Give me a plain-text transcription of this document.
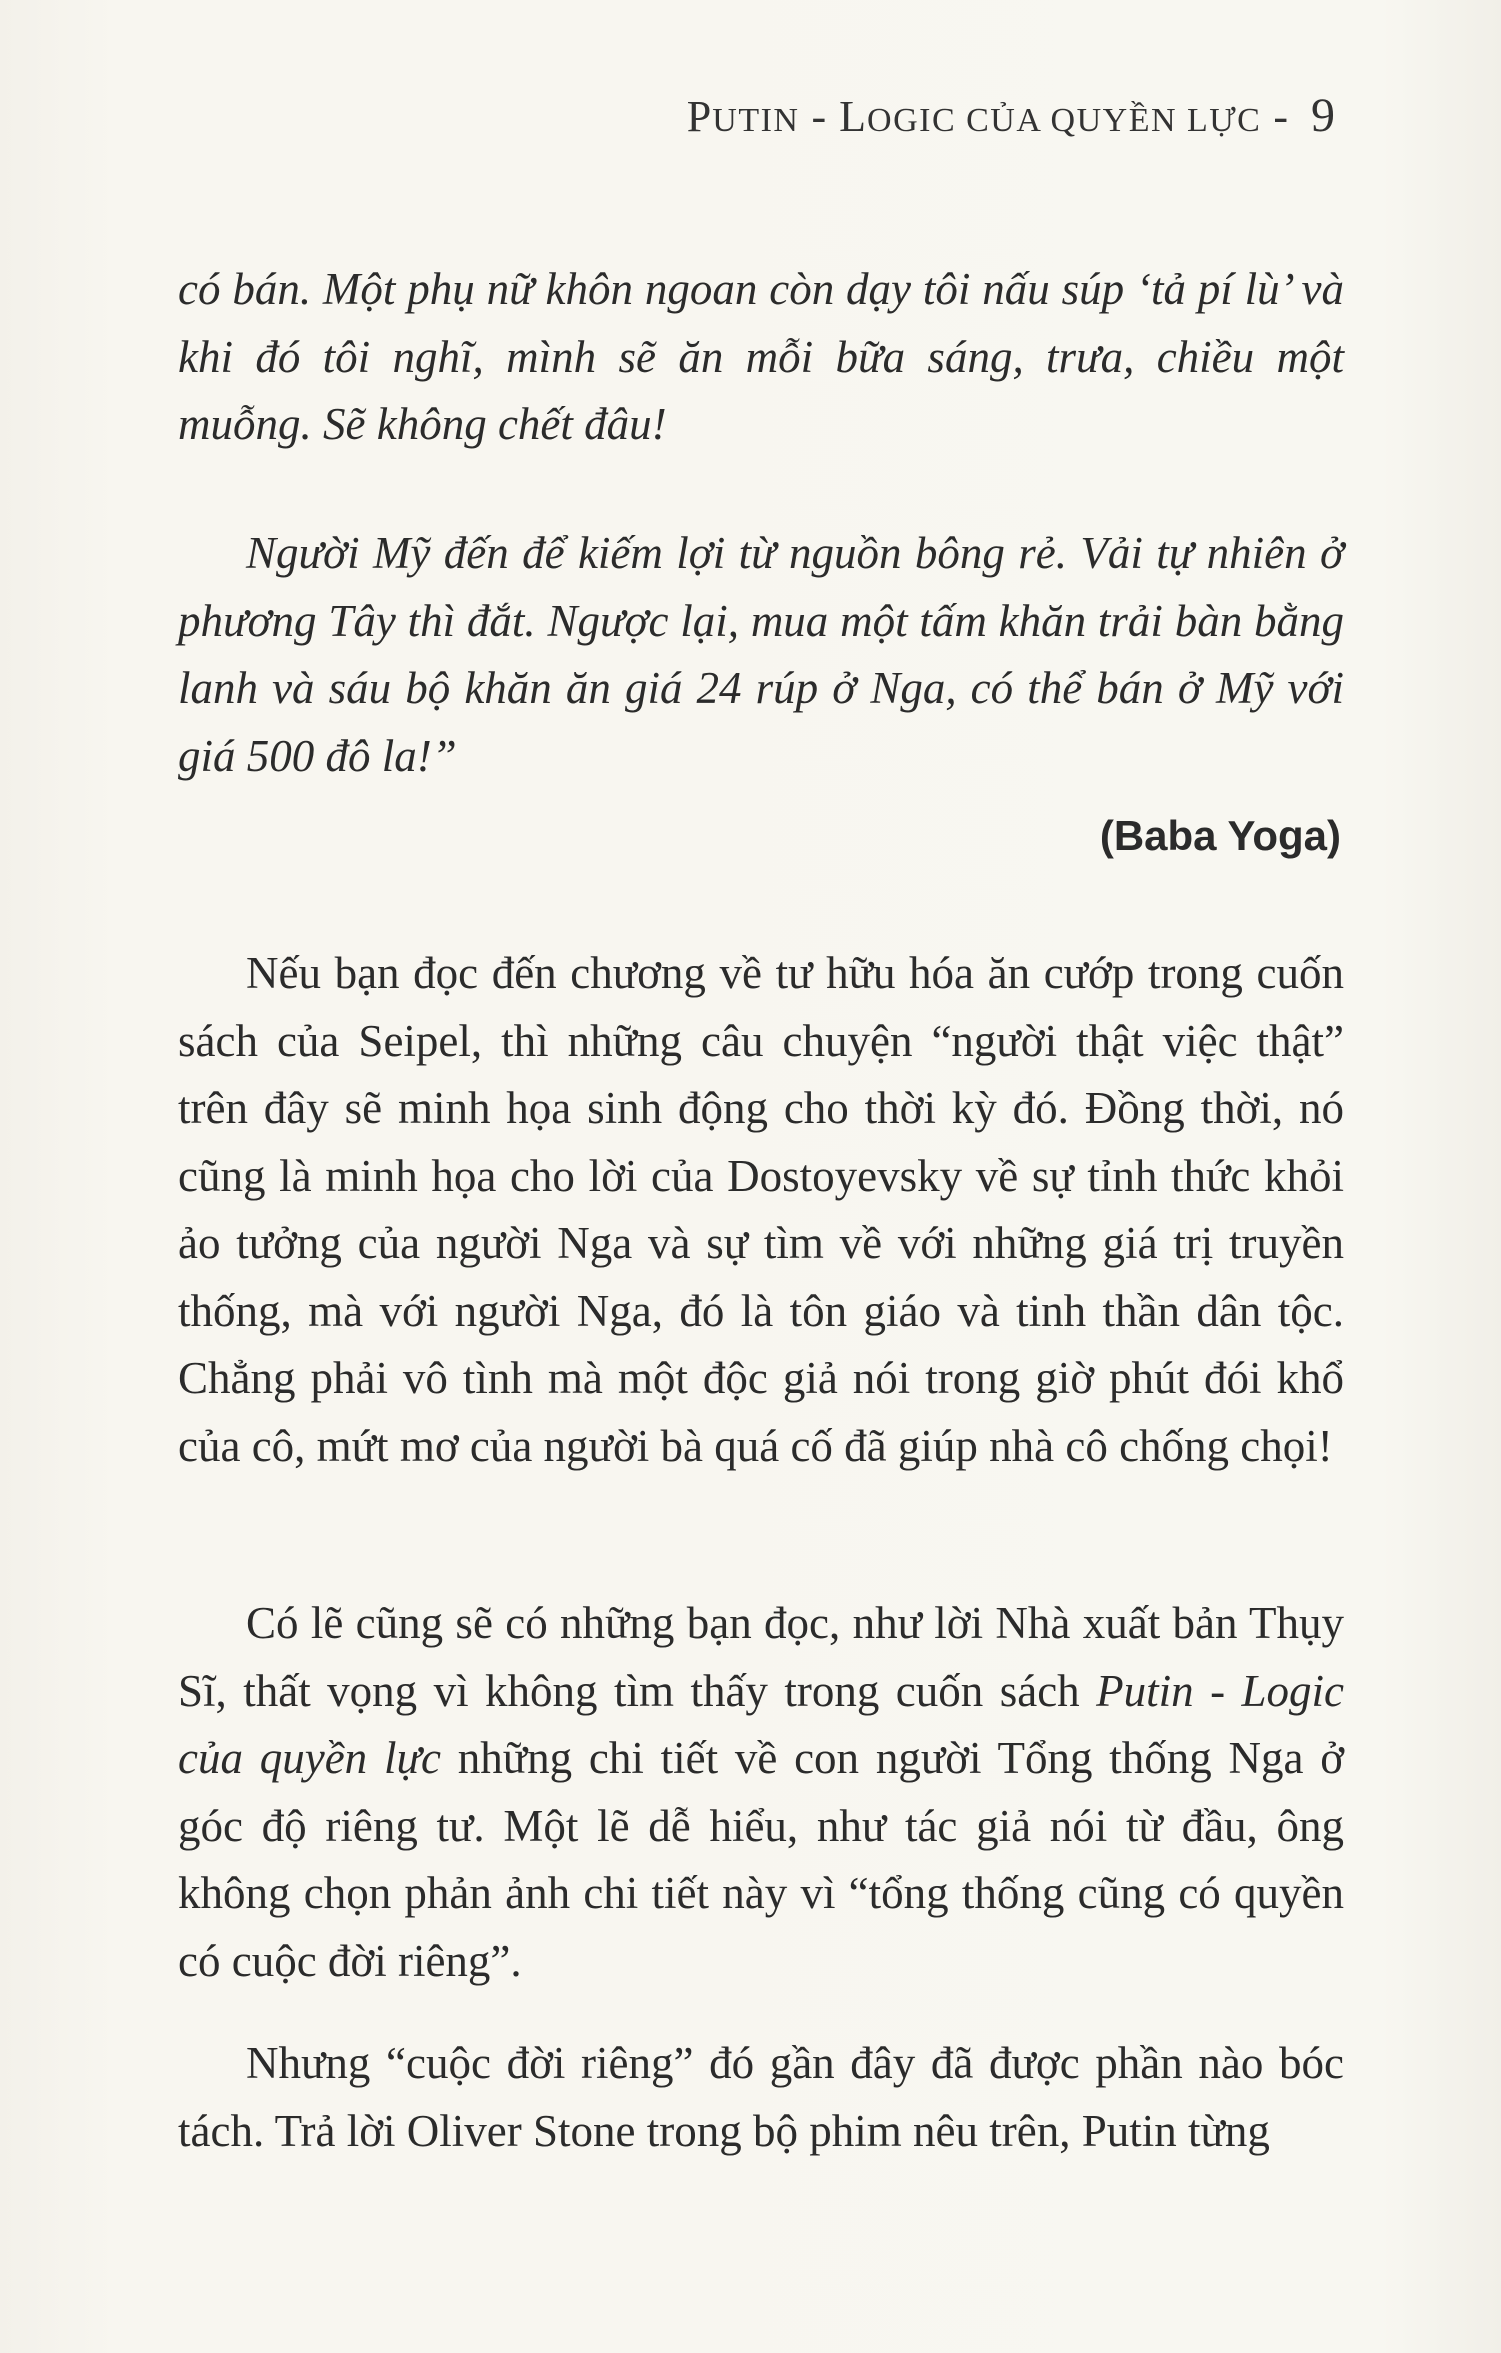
PUTIN - LOGIC CỦA QUYỀN LỰC - 9

có bán. Một phụ nữ khôn ngoan còn dạy tôi nấu súp ‘tả pí lù’ và khi đó tôi nghĩ, mình sẽ ăn mỗi bữa sáng, trưa, chiều một muỗng. Sẽ không chết đâu!

Người Mỹ đến để kiếm lợi từ nguồn bông rẻ. Vải tự nhiên ở phương Tây thì đắt. Ngược lại, mua một tấm khăn trải bàn bằng lanh và sáu bộ khăn ăn giá 24 rúp ở Nga, có thể bán ở Mỹ với giá 500 đô la!”

(Baba Yoga)

Nếu bạn đọc đến chương về tư hữu hóa ăn cướp trong cuốn sách của Seipel, thì những câu chuyện “người thật việc thật” trên đây sẽ minh họa sinh động cho thời kỳ đó. Đồng thời, nó cũng là minh họa cho lời của Dostoyevsky về sự tỉnh thức khỏi ảo tưởng của người Nga và sự tìm về với những giá trị truyền thống, mà với người Nga, đó là tôn giáo và tinh thần dân tộc. Chẳng phải vô tình mà một độc giả nói trong giờ phút đói khổ của cô, mứt mơ của người bà quá cố đã giúp nhà cô chống chọi!

Có lẽ cũng sẽ có những bạn đọc, như lời Nhà xuất bản Thụy Sĩ, thất vọng vì không tìm thấy trong cuốn sách Putin - Logic của quyền lực những chi tiết về con người Tổng thống Nga ở góc độ riêng tư. Một lẽ dễ hiểu, như tác giả nói từ đầu, ông không chọn phản ảnh chi tiết này vì “tổng thống cũng có quyền có cuộc đời riêng”.

Nhưng “cuộc đời riêng” đó gần đây đã được phần nào bóc tách. Trả lời Oliver Stone trong bộ phim nêu trên, Putin từng
